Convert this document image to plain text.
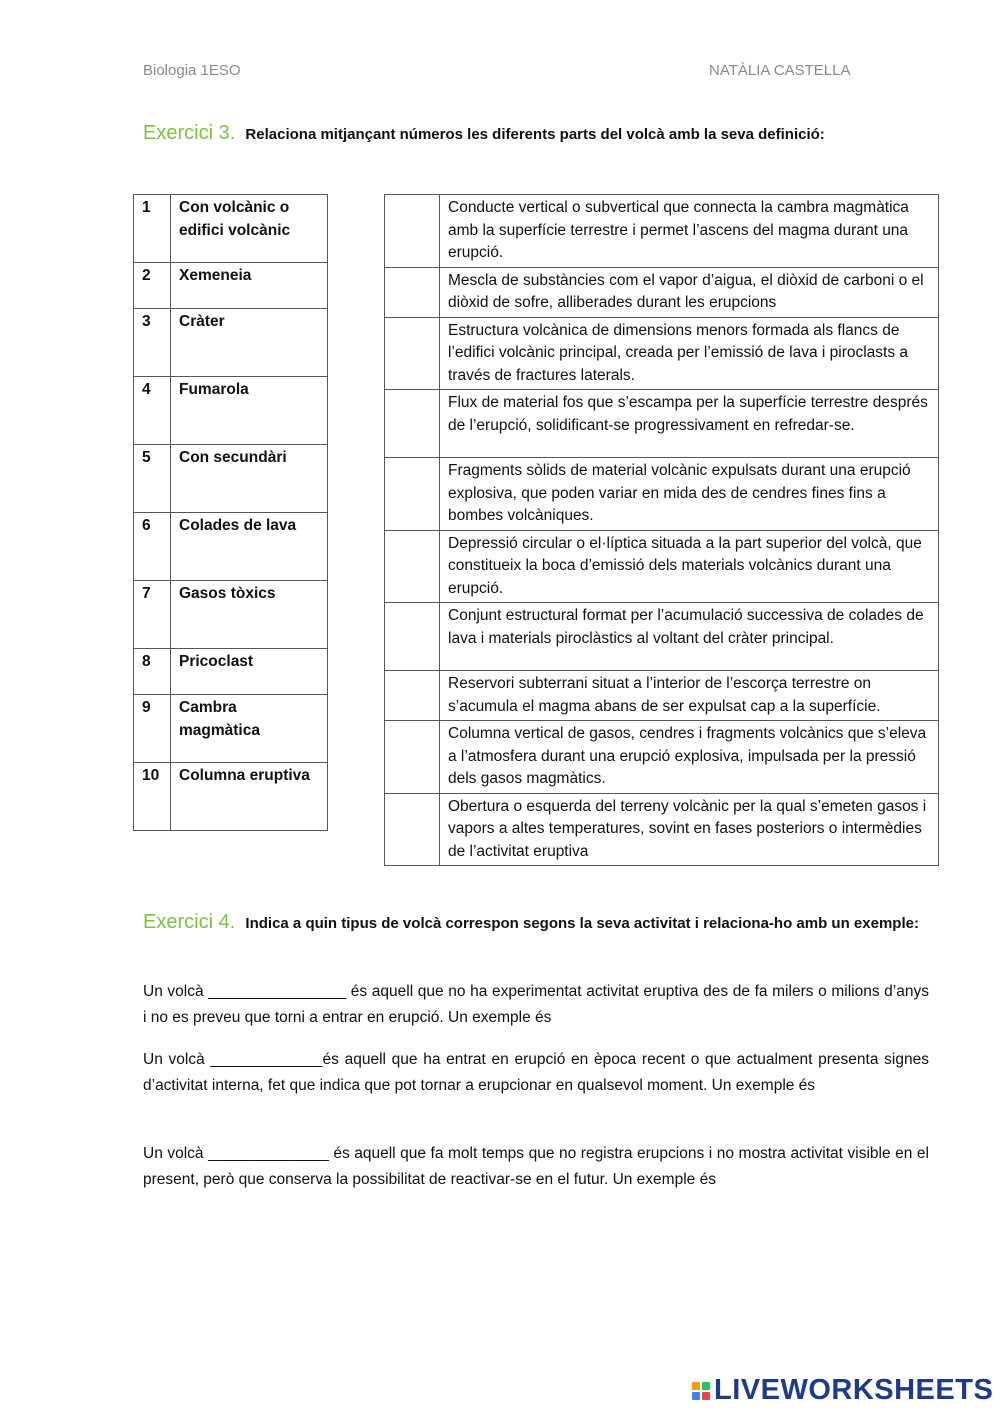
Biologia 1ESO	NATÀLIA CASTELLA
Exercici 3. Relaciona mitjançant números les diferents parts del volcà amb la seva definició:
1	Con volcànic o edifici volcànic
2	Xemeneia
3	Cràter
4	Fumarola
5	Con secundàri
6	Colades de lava
7	Gasos tòxics
8	Pricoclast
9	Cambra magmàtica
10	Columna eruptiva
	Conducte vertical o subvertical que connecta la cambra magmàtica amb la superfície terrestre i permet l’ascens del magma durant una erupció.
	Mescla de substàncies com el vapor d’aigua, el diòxid de carboni o el diòxid de sofre, alliberades durant les erupcions
	Estructura volcànica de dimensions menors formada als flancs de l’edifici volcànic principal, creada per l’emissió de lava i piroclasts a través de fractures laterals.
	Flux de material fos que s’escampa per la superfície terrestre després de l’erupció, solidificant-se progressivament en refredar-se.
	Fragments sòlids de material volcànic expulsats durant una erupció explosiva, que poden variar en mida des de cendres fines fins a bombes volcàniques.
	Depressió circular o el·líptica situada a la part superior del volcà, que constitueix la boca d’emissió dels materials volcànics durant una erupció.
	Conjunt estructural format per l’acumulació successiva de colades de lava i materials piroclàstics al voltant del cràter principal.
	Reservori subterrani situat a l’interior de l’escorça terrestre on s’acumula el magma abans de ser expulsat cap a la superfície.
	Columna vertical de gasos, cendres i fragments volcànics que s’eleva a l’atmosfera durant una erupció explosiva, impulsada per la pressió dels gasos magmàtics.
	Obertura o esquerda del terreny volcànic per la qual s’emeten gasos i vapors a altes temperatures, sovint en fases posteriors o intermèdies de l’activitat eruptiva
Exercici 4. Indica a quin tipus de volcà correspon segons la seva activitat i relaciona-ho amb un exemple:
Un volcà ________________ és aquell que no ha experimentat activitat eruptiva des de fa milers o milions d’anys i no es preveu que torni a entrar en erupció. Un exemple és
Un volcà _____________és aquell que ha entrat en erupció en època recent o que actualment presenta signes d’activitat interna, fet que indica que pot tornar a erupcionar en qualsevol moment. Un exemple és
Un volcà ______________ és aquell que fa molt temps que no registra erupcions i no mostra activitat visible en el present, però que conserva la possibilitat de reactivar-se en el futur. Un exemple és
LIVEWORKSHEETS
